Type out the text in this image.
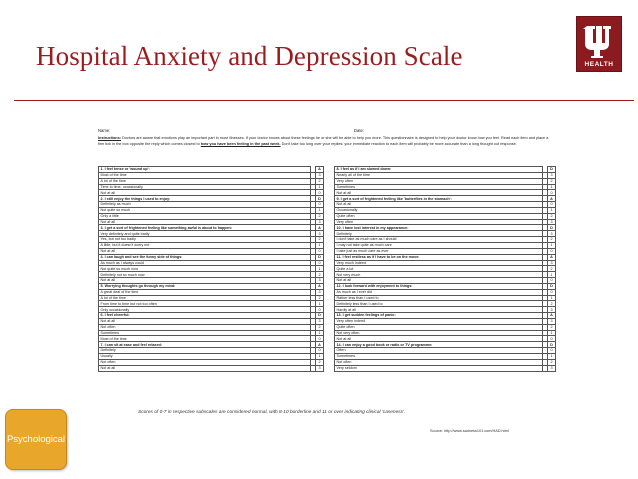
Hospital Anxiety and Depression Scale	HEALTH
Name:	Date:
Instructions: Doctors are aware that emotions play an important part in most illnesses. If your doctor knows about these feelings he or she will be able to help you more. This questionnaire is designed to help your doctor know how you feel. Read each item and place a firm tick in the box opposite the reply which comes closest to how you have been feeling in the past week. Don't take too long over your replies: your immediate reaction to each item will probably be more accurate than a long thought out response.
1. I feel tense or 'wound up':		A
Most of the time		3
A lot of the time		2
Time to time, occasionally		1
Not at all		0
2. I still enjoy the things I used to enjoy:		D
Definitely as much		0
Not quite so much		1
Only a little		2
Not at all		3
3. I get a sort of frightened feeling like something awful is about to happen:		A
Very definitely and quite badly		3
Yes, but not too badly		2
A little, but it doesn't worry me		1
Not at all		0
4. I can laugh and see the funny side of things:		D
As much as I always could		0
Not quite so much now		1
Definitely not so much now		2
Not at all		3
5. Worrying thoughts go through my mind:		A
A great deal of the time		3
A lot of the time		2
From time to time but not too often		1
Only occasionally		0
6. I feel cheerful:		D
Not at all		3
Not often		2
Sometimes		1
Most of the time		0
7. I can sit at ease and feel relaxed:		A
Definitely		0
Usually		1
Not often		2
Not at all		3
8. I feel as if I am slowed down:		D
Nearly all of the time		3
Very often		2
Sometimes		1
Not at all		0
9. I get a sort of frightened feeling like 'butterflies in the stomach':		A
Not at all		0
Occasionally		1
Quite often		2
Very often		3
10. I have lost interest in my appearance:		D
Definitely		3
I don't take as much care as I should		2
I may not take quite as much care		1
I take just as much care as ever		0
11. I feel restless as if I have to be on the move:		A
Very much indeed		3
Quite a lot		2
Not very much		1
Not at all		0
12. I look forward with enjoyment to things:		D
As much as I ever did		0
Rather less than I used to		1
Definitely less than I used to		2
Hardly at all		3
13. I get sudden feelings of panic:		A
Very often indeed		3
Quite often		2
Not very often		1
Not at all		0
14. I can enjoy a good book or radio or TV programme:		D
Often		0
Sometimes		1
Not often		2
Very seldom		3
Scores of 0-7 in respective subscales are considered normal, with 8-10 borderline and 11 or over indicating clinical 'caseness'.
Source: http://www.sadness101.com/HAD.html
Psychological
